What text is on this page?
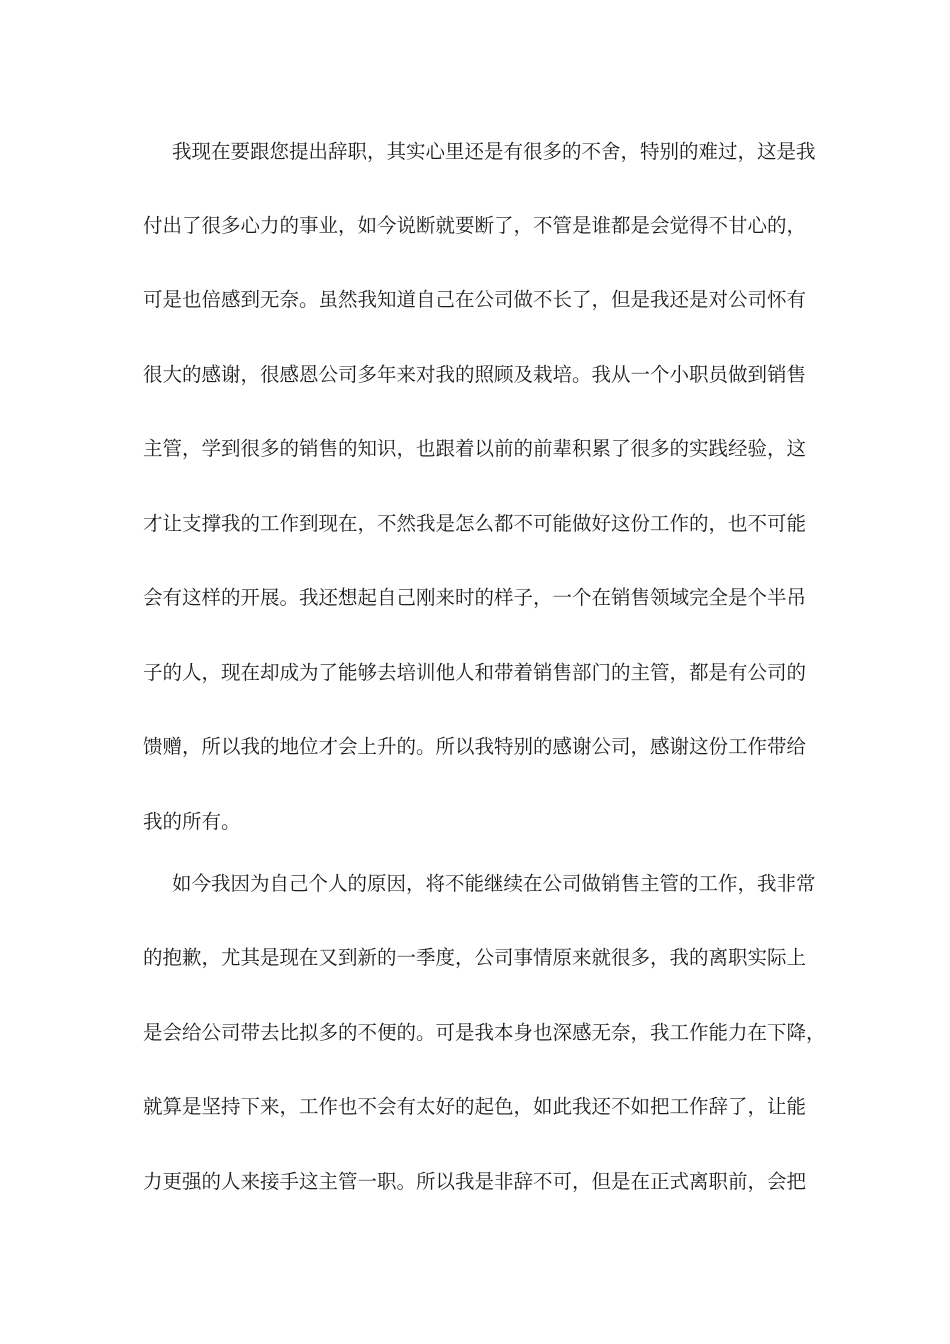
我现在要跟您提出辞职，其实心里还是有很多的不舍，特别的难过，这是我
付出了很多心力的事业，如今说断就要断了，不管是谁都是会觉得不甘心的，
可是也倍感到无奈。虽然我知道自己在公司做不长了，但是我还是对公司怀有
很大的感谢，很感恩公司多年来对我的照顾及栽培。我从一个小职员做到销售
主管，学到很多的销售的知识，也跟着以前的前辈积累了很多的实践经验，这
才让支撑我的工作到现在，不然我是怎么都不可能做好这份工作的，也不可能
会有这样的开展。我还想起自己刚来时的样子，一个在销售领域完全是个半吊
子的人，现在却成为了能够去培训他人和带着销售部门的主管，都是有公司的
馈赠，所以我的地位才会上升的。所以我特别的感谢公司，感谢这份工作带给
我的所有。
如今我因为自己个人的原因，将不能继续在公司做销售主管的工作，我非常
的抱歉，尤其是现在又到新的一季度，公司事情原来就很多，我的离职实际上
是会给公司带去比拟多的不便的。可是我本身也深感无奈，我工作能力在下降，
就算是坚持下来，工作也不会有太好的起色，如此我还不如把工作辞了，让能
力更强的人来接手这主管一职。所以我是非辞不可，但是在正式离职前，会把
